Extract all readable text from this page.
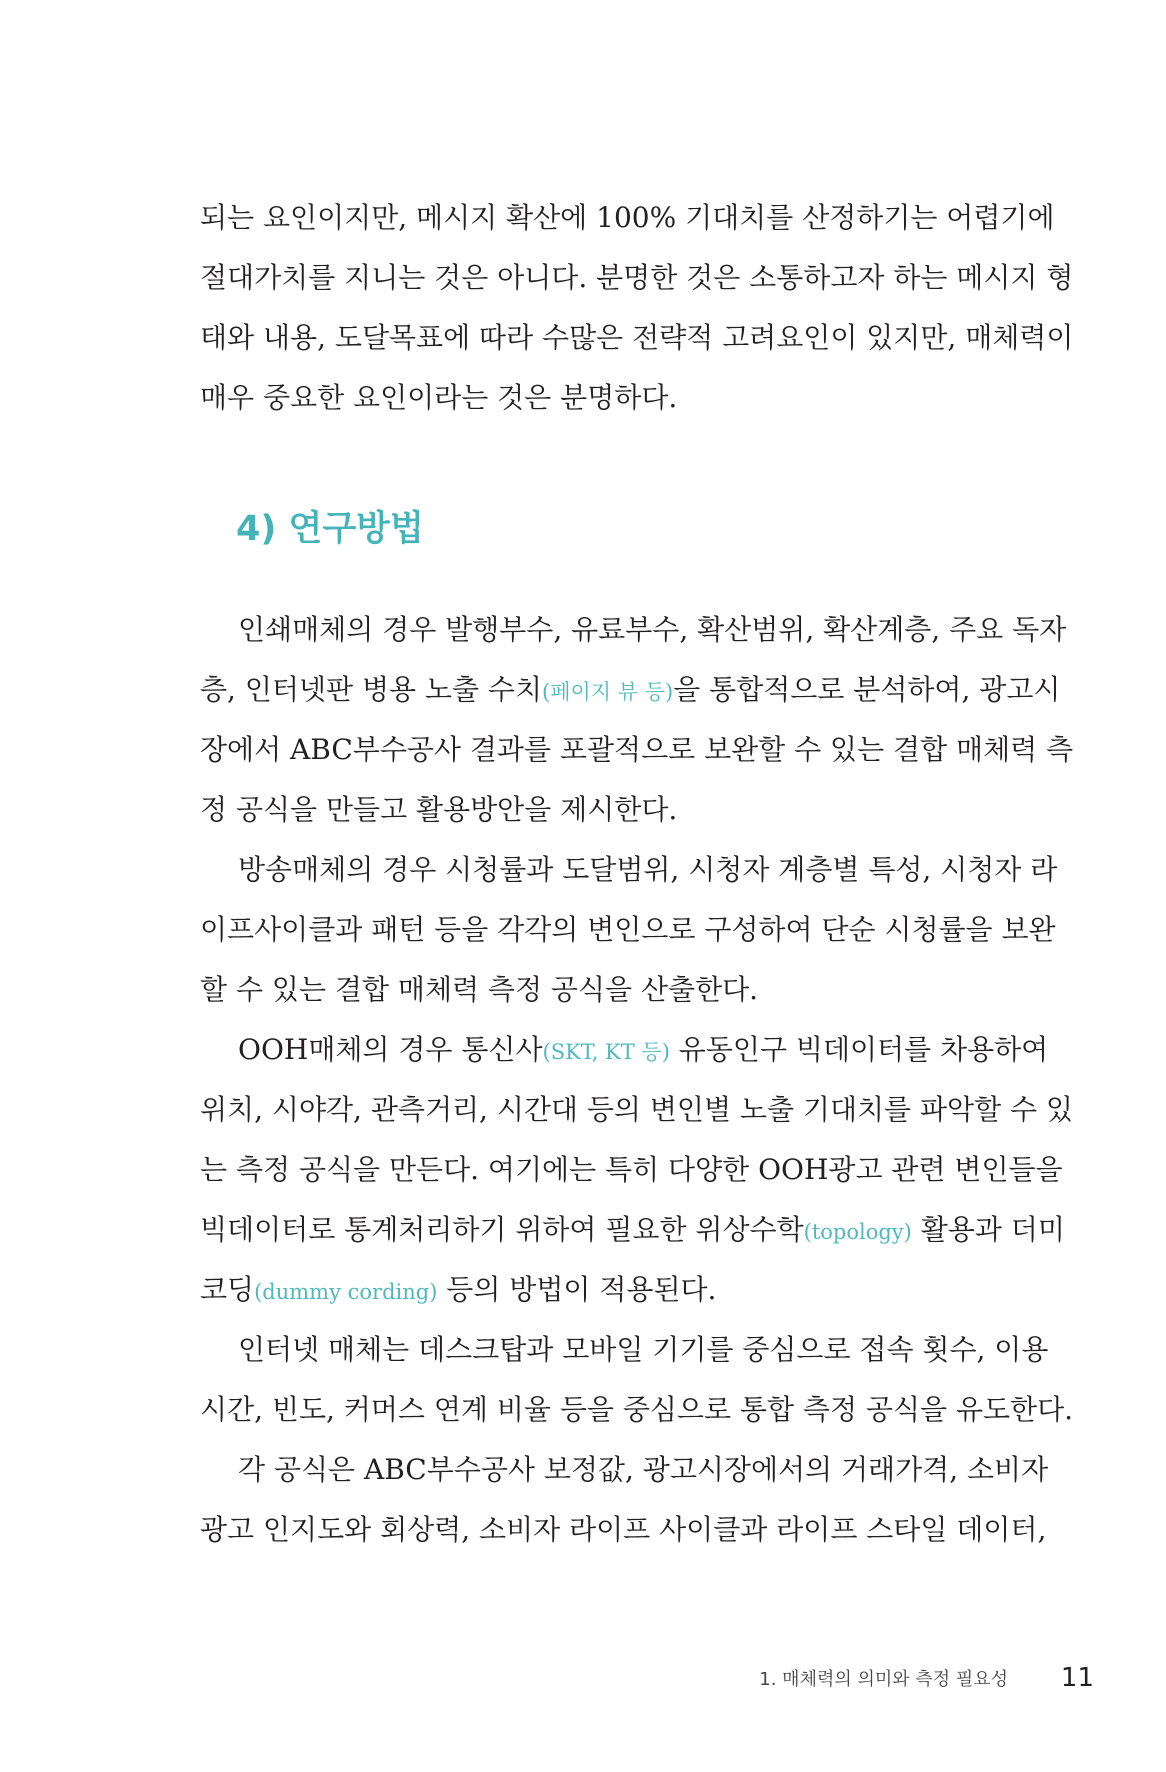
되는 요인이지만, 메시지 확산에 100% 기대치를 산정하기는 어렵기에
절대가치를 지니는 것은 아니다. 분명한 것은 소통하고자 하는 메시지 형
태와 내용, 도달목표에 따라 수많은 전략적 고려요인이 있지만, 매체력이
매우 중요한 요인이라는 것은 분명하다.
4) 연구방법
인쇄매체의 경우 발행부수, 유료부수, 확산범위, 확산계층, 주요 독자
층, 인터넷판 병용 노출 수치(페이지 뷰 등)을 통합적으로 분석하여, 광고시
장에서 ABC부수공사 결과를 포괄적으로 보완할 수 있는 결합 매체력 측
정 공식을 만들고 활용방안을 제시한다.
방송매체의 경우 시청률과 도달범위, 시청자 계층별 특성, 시청자 라
이프사이클과 패턴 등을 각각의 변인으로 구성하여 단순 시청률을 보완
할 수 있는 결합 매체력 측정 공식을 산출한다.
OOH매체의 경우 통신사(SKT, KT 등) 유동인구 빅데이터를 차용하여
위치, 시야각, 관측거리, 시간대 등의 변인별 노출 기대치를 파악할 수 있
는 측정 공식을 만든다. 여기에는 특히 다양한 OOH광고 관련 변인들을
빅데이터로 통계처리하기 위하여 필요한 위상수학(topology) 활용과 더미
코딩(dummy cording) 등의 방법이 적용된다.
인터넷 매체는 데스크탑과 모바일 기기를 중심으로 접속 횟수, 이용
시간, 빈도, 커머스 연계 비율 등을 중심으로 통합 측정 공식을 유도한다.
각 공식은 ABC부수공사 보정값, 광고시장에서의 거래가격, 소비자
광고 인지도와 회상력, 소비자 라이프 사이클과 라이프 스타일 데이터,
1. 매체력의 의미와 측정 필요성 11
